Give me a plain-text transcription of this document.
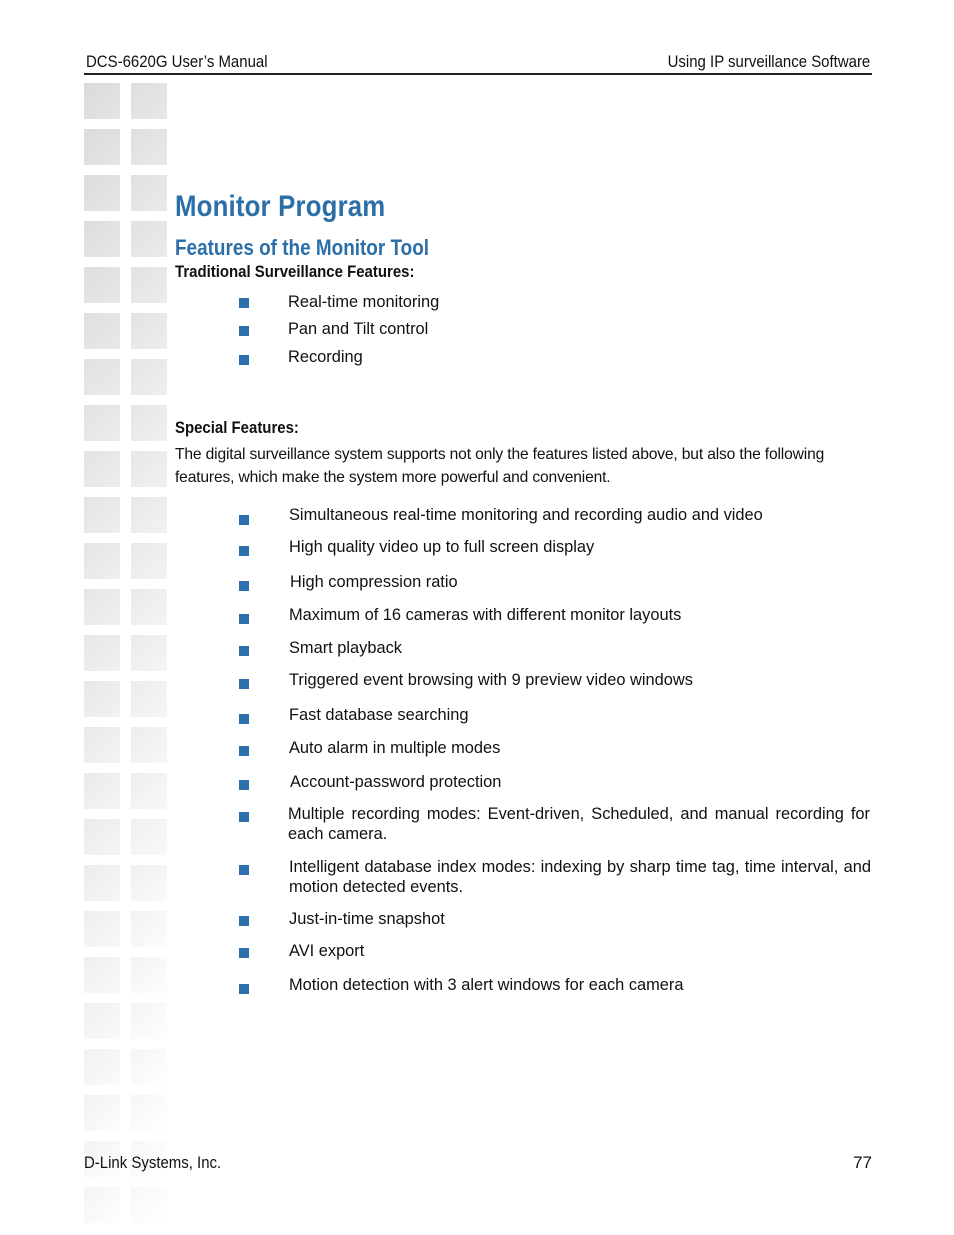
DCS-6620G User’s Manual	Using IP surveillance Software
Monitor Program
Features of the Monitor Tool
Traditional Surveillance Features:
Real-time monitoring
Pan and Tilt control
Recording
Special Features:
The digital surveillance system supports not only the features listed above, but also the following features, which make the system more powerful and convenient.
Simultaneous real-time monitoring and recording audio and video
High quality video up to full screen display
High compression ratio
Maximum of 16 cameras with different monitor layouts
Smart playback
Triggered event browsing with 9 preview video windows
Fast database searching
Auto alarm in multiple modes
Account-password protection
Multiple recording modes: Event-driven, Scheduled, and manual recording for each camera.
Intelligent database index modes: indexing by sharp time tag, time interval, and motion detected events.
Just-in-time snapshot
AVI export
Motion detection with 3 alert windows for each camera
D-Link Systems, Inc.	77
